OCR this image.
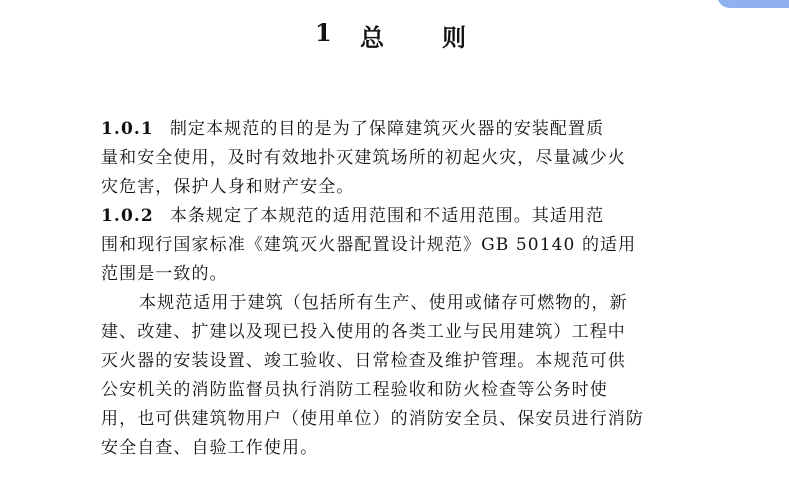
1 总 则
1.0.1 制定本规范的目的是为了保障建筑灭火器的安装配置质
量和安全使用，及时有效地扑灭建筑场所的初起火灾，尽量减少火
灾危害，保护人身和财产安全。
1.0.2 本条规定了本规范的适用范围和不适用范围。其适用范
围和现行国家标准《建筑灭火器配置设计规范》GB 50140 的适用
范围是一致的。
本规范适用于建筑（包括所有生产、使用或储存可燃物的，新
建、改建、扩建以及现已投入使用的各类工业与民用建筑）工程中
灭火器的安装设置、竣工验收、日常检查及维护管理。本规范可供
公安机关的消防监督员执行消防工程验收和防火检查等公务时使
用，也可供建筑物用户（使用单位）的消防安全员、保安员进行消防
安全自查、自验工作使用。
